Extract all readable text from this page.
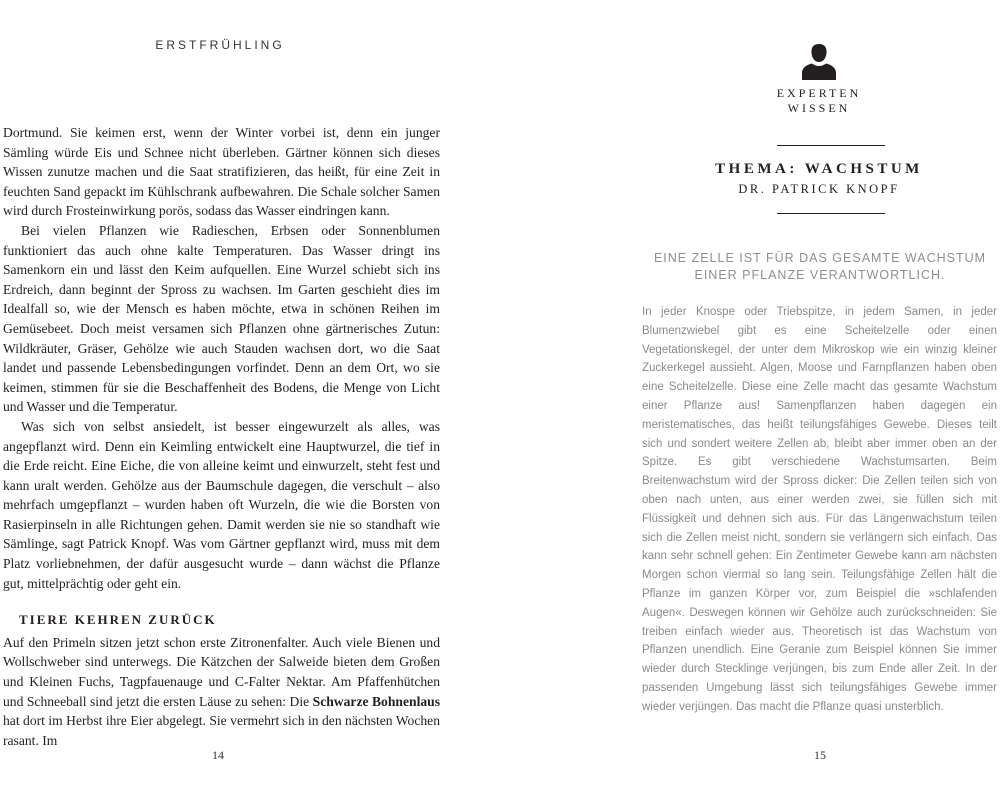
ERSTFRÜHLING

Dortmund. Sie keimen erst, wenn der Winter vorbei ist, denn ein junger Sämling würde Eis und Schnee nicht überleben. Gärtner können sich dieses Wissen zunutze machen und die Saat stratifizieren, das heißt, für eine Zeit in feuchten Sand gepackt im Kühlschrank aufbewahren. Die Schale solcher Samen wird durch Frosteinwirkung porös, sodass das Wasser eindringen kann.

Bei vielen Pflanzen wie Radieschen, Erbsen oder Sonnenblumen funktioniert das auch ohne kalte Temperaturen. Das Wasser dringt ins Samenkorn ein und lässt den Keim aufquellen. Eine Wurzel schiebt sich ins Erdreich, dann beginnt der Spross zu wachsen. Im Garten geschieht dies im Idealfall so, wie der Mensch es haben möchte, etwa in schönen Reihen im Gemüsebeet. Doch meist versamen sich Pflanzen ohne gärtnerisches Zutun: Wildkräuter, Gräser, Gehölze wie auch Stauden wachsen dort, wo die Saat landet und passende Lebensbedingungen vorfindet. Denn an dem Ort, wo sie keimen, stimmen für sie die Beschaffenheit des Bodens, die Menge von Licht und Wasser und die Temperatur.

Was sich von selbst ansiedelt, ist besser eingewurzelt als alles, was angepflanzt wird. Denn ein Keimling entwickelt eine Hauptwurzel, die tief in die Erde reicht. Eine Eiche, die von alleine keimt und einwurzelt, steht fest und kann uralt werden. Gehölze aus der Baumschule dagegen, die verschult – also mehrfach umgepflanzt – wurden haben oft Wurzeln, die wie die Borsten von Rasierpinseln in alle Richtungen gehen. Damit werden sie nie so standhaft wie Sämlinge, sagt Patrick Knopf. Was vom Gärtner gepflanzt wird, muss mit dem Platz vorliebnehmen, der dafür ausgesucht wurde – dann wächst die Pflanze gut, mittelprächtig oder geht ein.

TIERE KEHREN ZURÜCK

Auf den Primeln sitzen jetzt schon erste Zitronenfalter. Auch viele Bienen und Wollschweber sind unterwegs. Die Kätzchen der Salweide bieten dem Großen und Kleinen Fuchs, Tagpfauenauge und C-Falter Nektar. Am Pfaffenhütchen und Schneeball sind jetzt die ersten Läuse zu sehen: Die Schwarze Bohnenlaus hat dort im Herbst ihre Eier abgelegt. Sie vermehrt sich in den nächsten Wochen rasant. Im

14
EXPERTEN
WISSEN
THEMA: WACHSTUM
DR. PATRICK KNOPF
EINE ZELLE IST FÜR DAS GESAMTE WACHSTUM EINER PFLANZE VERANTWORTLICH.

In jeder Knospe oder Triebspitze, in jedem Samen, in jeder Blumenzwiebel gibt es eine Scheitelzelle oder einen Vegetationskegel, der unter dem Mikroskop wie ein winzig kleiner Zuckerkegel aussieht. Algen, Moose und Farnpflanzen haben oben eine Scheitelzelle. Diese eine Zelle macht das gesamte Wachstum einer Pflanze aus! Samenpflanzen haben dagegen ein meristematisches, das heißt teilungsfähiges Gewebe. Dieses teilt sich und sondert weitere Zellen ab, bleibt aber immer oben an der Spitze. Es gibt verschiedene Wachstumsarten. Beim Breitenwachstum wird der Spross dicker: Die Zellen teilen sich von oben nach unten, aus einer werden zwei, sie füllen sich mit Flüssigkeit und dehnen sich aus. Für das Längenwachstum teilen sich die Zellen meist nicht, sondern sie verlängern sich einfach. Das kann sehr schnell gehen: Ein Zentimeter Gewebe kann am nächsten Morgen schon viermal so lang sein. Teilungsfähige Zellen hält die Pflanze im ganzen Körper vor, zum Beispiel die »schlafenden Augen«. Deswegen können wir Gehölze auch zurückschneiden: Sie treiben einfach wieder aus. Theoretisch ist das Wachstum von Pflanzen unendlich. Eine Geranie zum Beispiel können Sie immer wieder durch Stecklinge verjüngen, bis zum Ende aller Zeit. In der passenden Umgebung lässt sich teilungsfähiges Gewebe immer wieder verjüngen. Das macht die Pflanze quasi unsterblich.

15
